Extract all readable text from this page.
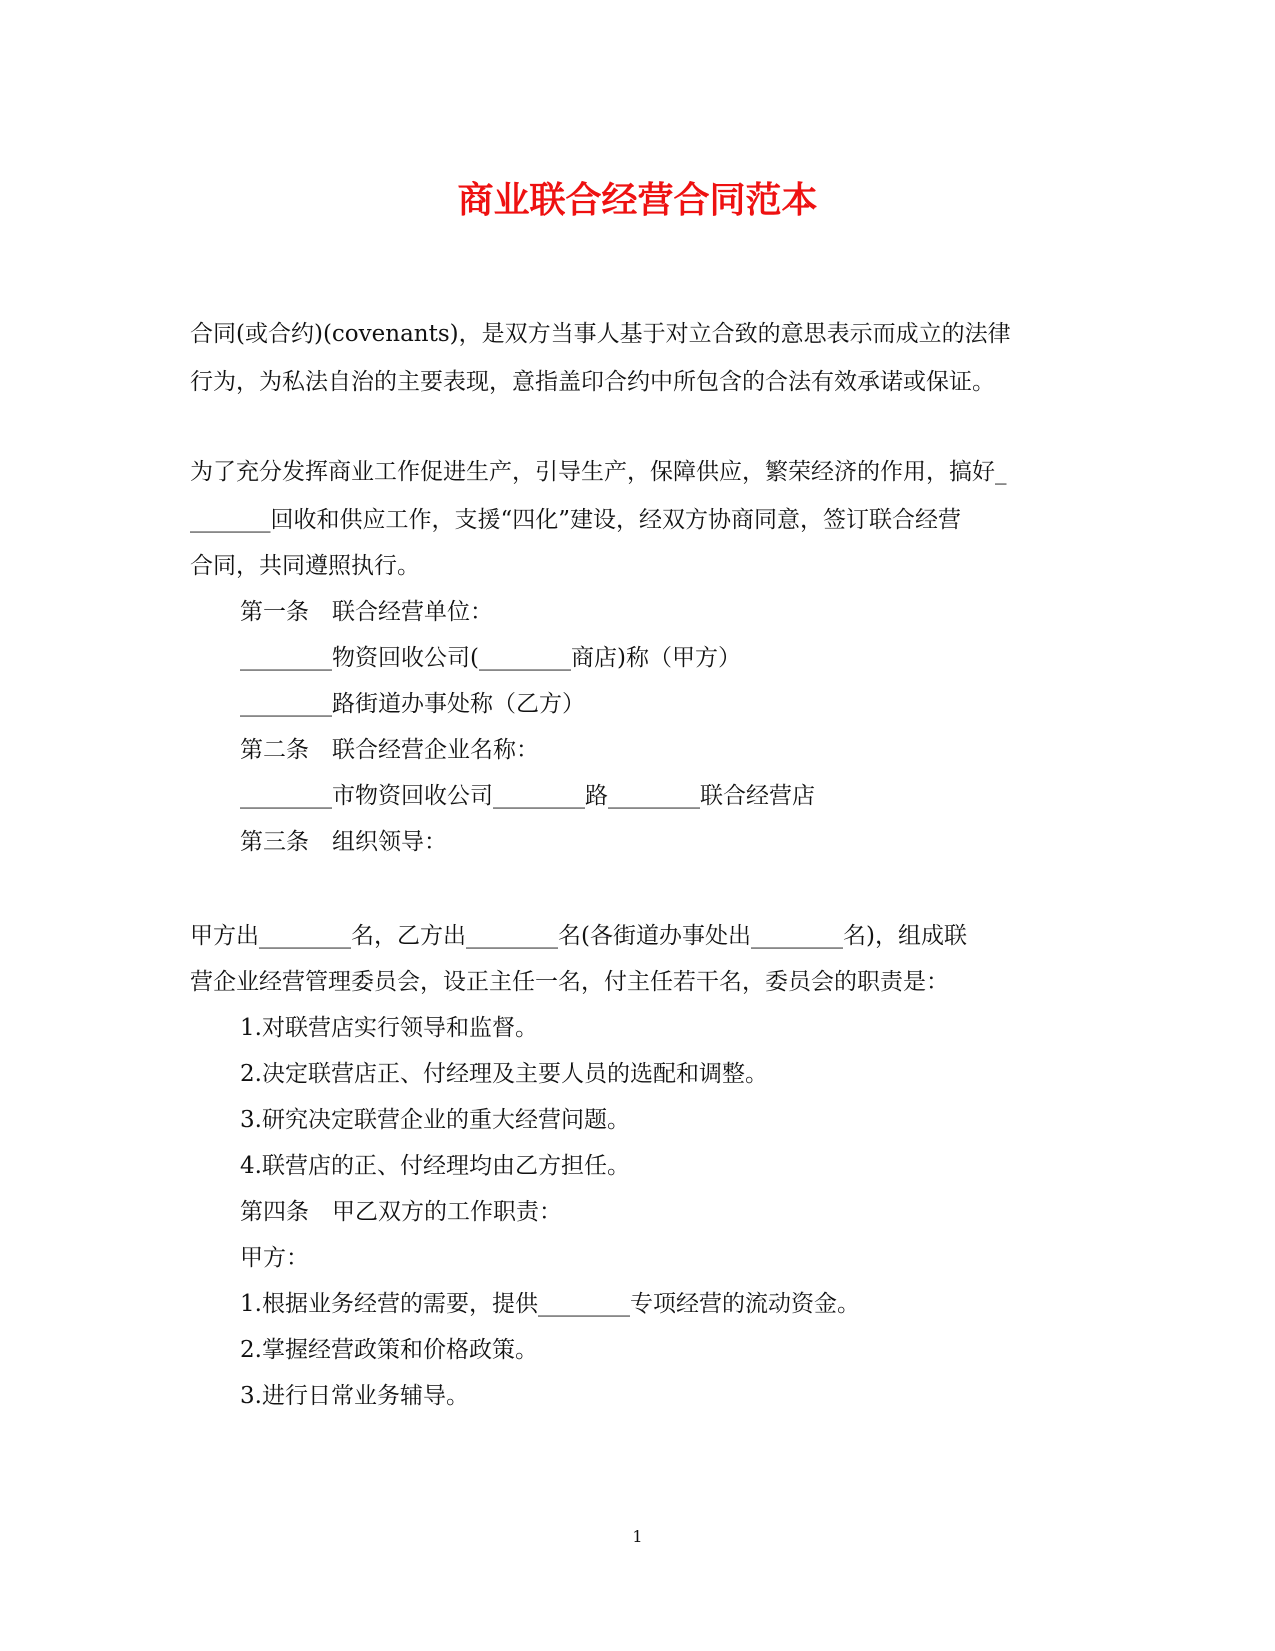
商业联合经营合同范本
合同(或合约)(covenants)，是双方当事人基于对立合致的意思表示而成立的法律
行为，为私法自治的主要表现，意指盖印合约中所包含的合法有效承诺或保证。
为了充分发挥商业工作促进生产，引导生产，保障供应，繁荣经济的作用，搞好_
_______回收和供应工作，支援“四化”建设，经双方协商同意，签订联合经营
合同，共同遵照执行。
第一条　联合经营单位：
________物资回收公司(________商店)称（甲方）
________路街道办事处称（乙方）
第二条　联合经营企业名称：
________市物资回收公司________路________联合经营店
第三条　组织领导：
甲方出________名，乙方出________名(各街道办事处出________名)，组成联
营企业经营管理委员会，设正主任一名，付主任若干名，委员会的职责是：
1.对联营店实行领导和监督。
2.决定联营店正、付经理及主要人员的选配和调整。
3.研究决定联营企业的重大经营问题。
4.联营店的正、付经理均由乙方担任。
第四条　甲乙双方的工作职责：
甲方：
1.根据业务经营的需要，提供________专项经营的流动资金。
2.掌握经营政策和价格政策。
3.进行日常业务辅导。
1
